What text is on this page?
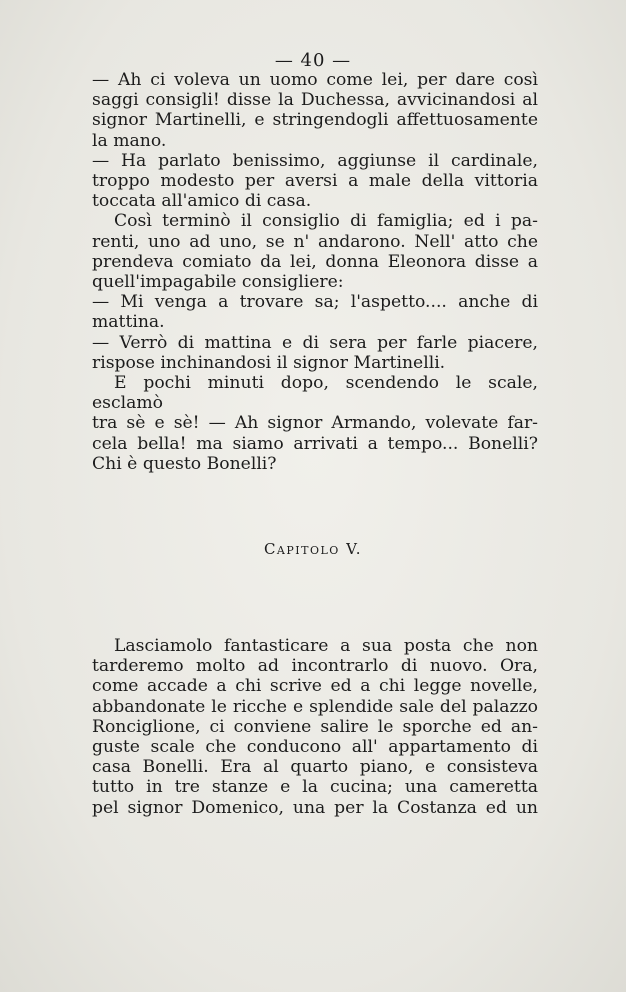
— 40 —

— Ah ci voleva un uomo come lei, per dare così

saggi consigli! disse la Duchessa, avvicinandosi al

signor Martinelli, e stringendogli affettuosamente

la mano.

— Ha parlato benissimo, aggiunse il cardinale,

troppo modesto per aversi a male della vittoria

toccata all'amico di casa.

Così terminò il consiglio di famiglia; ed i pa-

renti, uno ad uno, se n' andarono. Nell' atto che

prendeva comiato da lei, donna Eleonora disse a

quell'impagabile consigliere:

— Mi venga a trovare sa; l'aspetto.... anche di

mattina.

— Verrò di mattina e di sera per farle piacere,

rispose inchinandosi il signor Martinelli.

E pochi minuti dopo, scendendo le scale, esclamò

tra sè e sè! — Ah signor Armando, volevate far-

cela bella! ma siamo arrivati a tempo... Bonelli?

Chi è questo Bonelli?

Capitolo V.

Lasciamolo fantasticare a sua posta che non

tarderemo molto ad incontrarlo di nuovo. Ora,

come accade a chi scrive ed a chi legge novelle,

abbandonate le ricche e splendide sale del palazzo

Ronciglione, ci conviene salire le sporche ed an-

guste scale che conducono all' appartamento di

casa Bonelli. Era al quarto piano, e consisteva

tutto in tre stanze e la cucina; una cameretta

pel signor Domenico, una per la Costanza ed un
